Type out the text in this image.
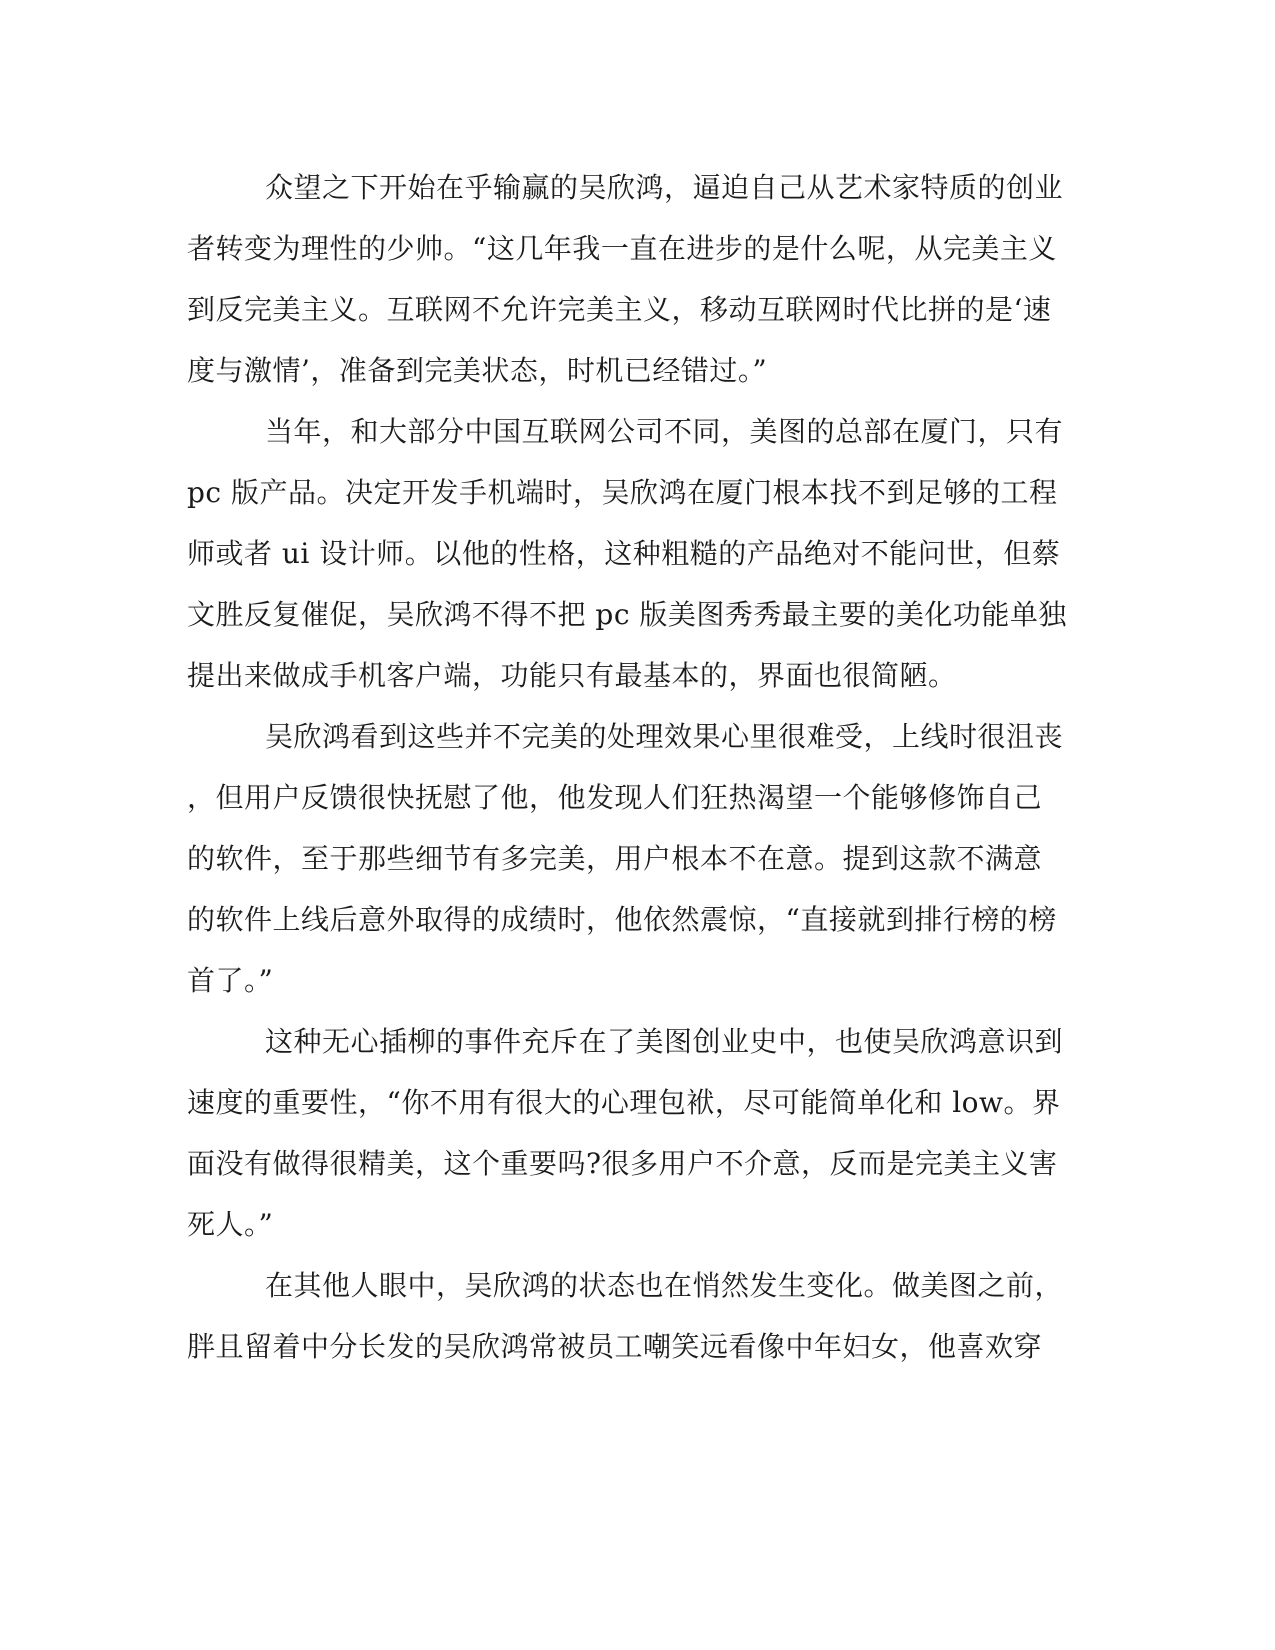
众望之下开始在乎输赢的吴欣鸿，逼迫自己从艺术家特质的创业
者转变为理性的少帅。“这几年我一直在进步的是什么呢，从完美主义
到反完美主义。互联网不允许完美主义，移动互联网时代比拼的是‘速
度与激情’，准备到完美状态，时机已经错过。”
当年，和大部分中国互联网公司不同，美图的总部在厦门，只有
pc 版产品。决定开发手机端时，吴欣鸿在厦门根本找不到足够的工程
师或者 ui 设计师。以他的性格，这种粗糙的产品绝对不能问世，但蔡
文胜反复催促，吴欣鸿不得不把 pc 版美图秀秀最主要的美化功能单独
提出来做成手机客户端，功能只有最基本的，界面也很简陋。
吴欣鸿看到这些并不完美的处理效果心里很难受，上线时很沮丧
，但用户反馈很快抚慰了他，他发现人们狂热渴望一个能够修饰自己
的软件，至于那些细节有多完美，用户根本不在意。提到这款不满意
的软件上线后意外取得的成绩时，他依然震惊，“直接就到排行榜的榜
首了。”
这种无心插柳的事件充斥在了美图创业史中，也使吴欣鸿意识到
速度的重要性，“你不用有很大的心理包袱，尽可能简单化和 low。界
面没有做得很精美，这个重要吗?很多用户不介意，反而是完美主义害
死人。”
在其他人眼中，吴欣鸿的状态也在悄然发生变化。做美图之前，
胖且留着中分长发的吴欣鸿常被员工嘲笑远看像中年妇女，他喜欢穿
